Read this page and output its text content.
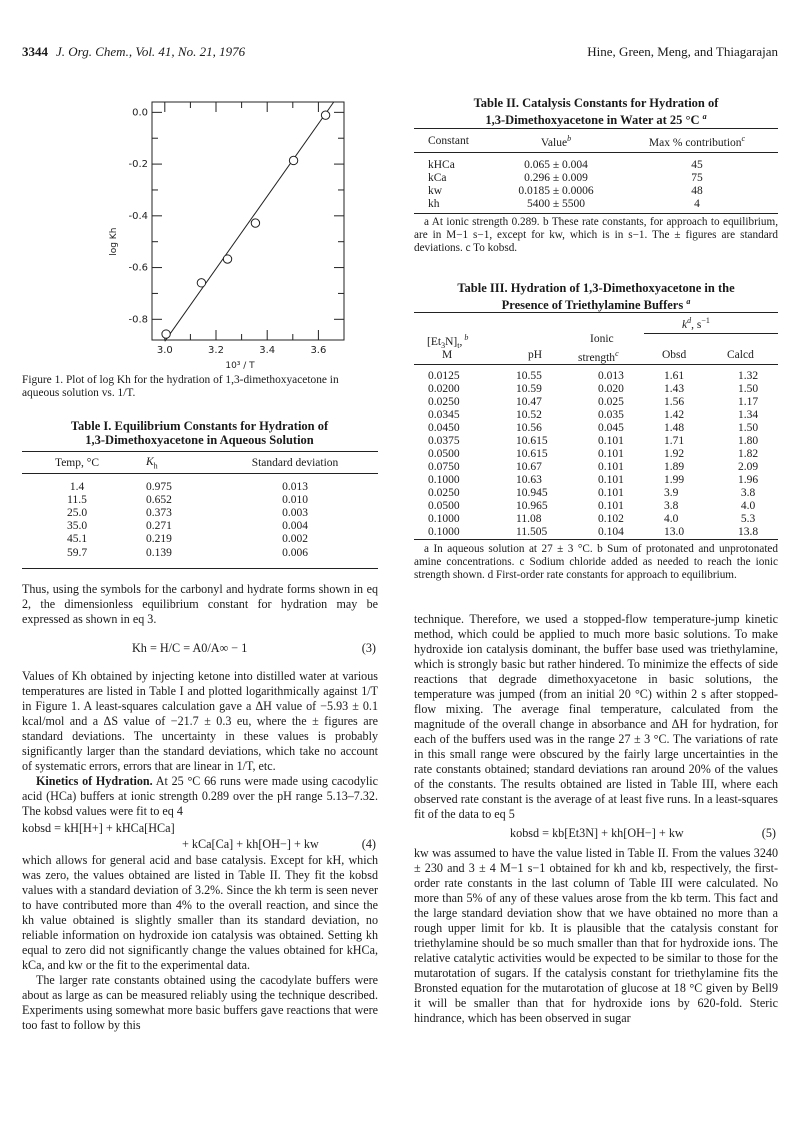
3344 J. Org. Chem., Vol. 41, No. 21, 1976	Hine, Green, Meng, and Thiagarajan
3.0	3.2	3.4	3.6
0.0
-0.2
-0.4
-0.6
-0.8
10³ / T
log Kh
Figure 1. Plot of log Kh for the hydration of 1,3-dimethoxyacetone in aqueous solution vs. 1/T.
Table I. Equilibrium Constants for Hydration of
1,3-Dimethoxyacetone in Aqueous Solution
Temp, °C	$K_h$	Standard deviation

1.4	0.975	0.013
11.5	0.652	0.010
25.0	0.373	0.003
35.0	0.271	0.004
45.1	0.219	0.002
59.7	0.139	0.006

Thus, using the symbols for the carbonyl and hydrate forms shown in eq 2, the dimensionless equilibrium constant for hydration may be expressed as shown in eq 3.

Kh = H/C = A0/A∞ − 1	(3)

Values of Kh obtained by injecting ketone into distilled water at various temperatures are listed in Table I and plotted logarithmically against 1/T in Figure 1. A least-squares calculation gave a ΔH value of −5.93 ± 0.1 kcal/mol and a ΔS value of −21.7 ± 0.3 eu, where the ± figures are standard deviations. The uncertainty in these values is probably significantly larger than the standard deviations, which take no account of systematic errors, errors that are linear in 1/T, etc.

Kinetics of Hydration. At 25 °C 66 runs were made using cacodylic acid (HCa) buffers at ionic strength 0.289 over the pH range 5.13–7.32. The kobsd values were fit to eq 4

kobsd = kH[H+] + kHCa[HCa]
+ kCa[Ca] + kh[OH−] + kw	(4)

which allows for general acid and base catalysis. Except for kH, which was zero, the values obtained are listed in Table II. They fit the kobsd values with a standard deviation of 3.2%. Since the kh term is seen never to have contributed more than 4% to the overall reaction, and since the kh value obtained is slightly smaller than its standard deviation, no reliable information on hydroxide ion catalysis was obtained. Setting kh equal to zero did not significantly change the values obtained for kHCa, kCa, and kw or the fit to the experimental data.

The larger rate constants obtained using the cacodylate buffers were about as large as can be measured reliably using the technique described. Experiments using somewhat more basic buffers gave reactions that were too fast to follow by this

Table II. Catalysis Constants for Hydration of
1,3-Dimethoxyacetone in Water at 25 °C $^a$
Constant	Value$^b$	Max % contribution$^c$

kHCa	0.065 ± 0.004	45
kCa	0.296 ± 0.009	75
kw	0.0185 ± 0.0006	48
kh	5400 ± 5500	4
a At ionic strength 0.289. b These rate constants, for approach to equilibrium, are in M−1 s−1, except for kw, which is in s−1. The ± figures are standard deviations. c To kobsd.
Table III. Hydration of 1,3-Dimethoxyacetone in the
Presence of Triethylamine Buffers $^a$
$[Et_3N]_t$, $^b$
M	pH
Ionic
strength$^c$
$k^d$, $s^{-1}$
Obsd	Calcd
0.0125	10.55	0.013	1.61	1.32
0.0200	10.59	0.020	1.43	1.50
0.0250	10.47	0.025	1.56	1.17
0.0345	10.52	0.035	1.42	1.34
0.0450	10.56	0.045	1.48	1.50
0.0375	10.615	0.101	1.71	1.80
0.0500	10.615	0.101	1.92	1.82
0.0750	10.67	0.101	1.89	2.09
0.1000	10.63	0.101	1.99	1.96
0.0250	10.945	0.101	3.9	3.8
0.0500	10.965	0.101	3.8	4.0
0.1000	11.08	0.102	4.0	5.3
0.1000	11.505	0.104	13.0	13.8
a In aqueous solution at 27 ± 3 °C. b Sum of protonated and unprotonated amine concentrations. c Sodium chloride added as needed to reach the ionic strength shown. d First-order rate constants for approach to equilibrium.

technique. Therefore, we used a stopped-flow temperature-jump kinetic method, which could be applied to much more basic solutions. To make hydroxide ion catalysis dominant, the buffer base used was triethylamine, which is strongly basic but rather hindered. To minimize the effects of side reactions that degrade dimethoxyacetone in basic solutions, the temperature was jumped (from an initial 20 °C) within 2 s after stopped-flow mixing. The average final temperature, calculated from the magnitude of the overall change in absorbance and ΔH for hydration, for each of the buffers used was in the range 27 ± 3 °C. The variations of rate in this small range were obscured by the fairly large uncertainties in the rate constants obtained; standard deviations ran around 20% of the values of the constants. The results obtained are listed in Table III, where each observed rate constant is the average of at least five runs. In a least-squares fit of the data to eq 5

kobsd = kb[Et3N] + kh[OH−] + kw	(5)

kw was assumed to have the value listed in Table II. From the values 3240 ± 230 and 3 ± 4 M−1 s−1 obtained for kh and kb, respectively, the first-order rate constants in the last column of Table III were calculated. No more than 5% of any of these values arose from the kb term. This fact and the large standard deviation show that we have obtained no more than a rough upper limit for kb. It is plausible that the catalysis constant for triethylamine should be so much smaller than that for hydroxide ions. The relative catalytic activities would be expected to be similar to those for the mutarotation of sugars. If the catalysis constant for triethylamine fits the Bronsted equation for the mutarotation of glucose at 18 °C given by Bell9 it will be smaller than that for hydroxide ions by 620-fold. Steric hindrance, which has been observed in sugar
